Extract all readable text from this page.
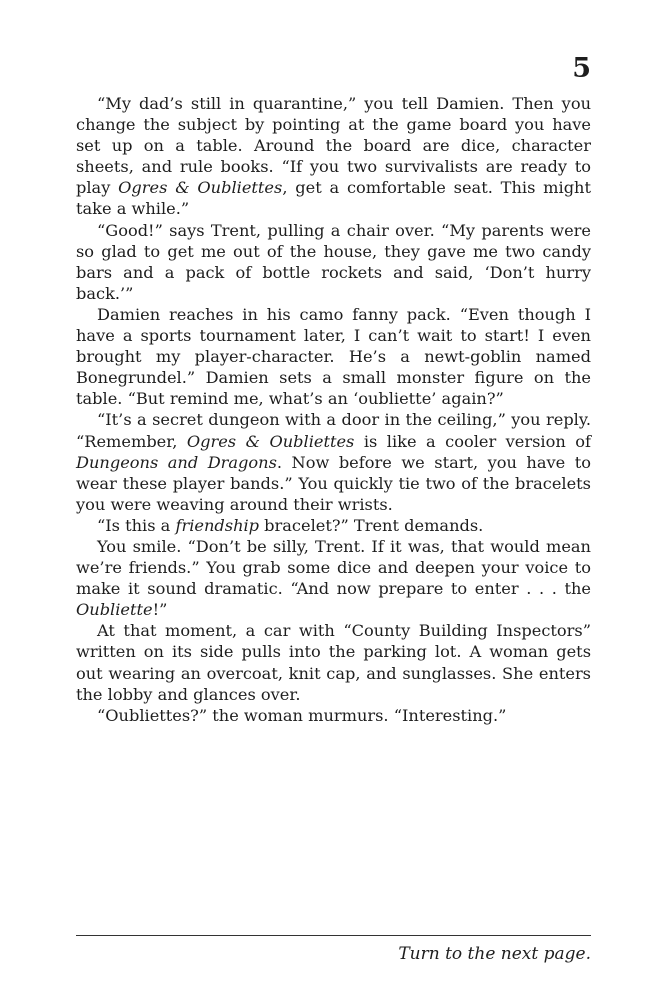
5

“My dad’s still in quarantine,” you tell Damien. Then you change the subject by pointing at the game board you have set up on a table. Around the board are dice, character sheets, and rule books. “If you two survivalists are ready to play Ogres & Oubliettes, get a comfortable seat. This might take a while.”

“Good!” says Trent, pulling a chair over. “My parents were so glad to get me out of the house, they gave me two candy bars and a pack of bottle rockets and said, ‘Don’t hurry back.’”

Damien reaches in his camo fanny pack. “Even though I have a sports tournament later, I can’t wait to start! I even brought my player-character. He’s a newt-goblin named Bonegrundel.” Damien sets a small monster figure on the table. “But remind me, what’s an ‘oubliette’ again?”

“It’s a secret dungeon with a door in the ceiling,” you reply. “Remember, Ogres & Oubliettes is like a cooler version of Dungeons and Dragons. Now before we start, you have to wear these player bands.” You quickly tie two of the bracelets you were weaving around their wrists.

“Is this a friendship bracelet?” Trent demands.

You smile. “Don’t be silly, Trent. If it was, that would mean we’re friends.” You grab some dice and deepen your voice to make it sound dramatic. “And now prepare to enter . . . the Oubliette!”

At that moment, a car with “County Building Inspectors” written on its side pulls into the parking lot. A woman gets out wearing an overcoat, knit cap, and sunglasses. She enters the lobby and glances over.

“Oubliettes?” the woman murmurs. “Interesting.”

Turn to the next page.
